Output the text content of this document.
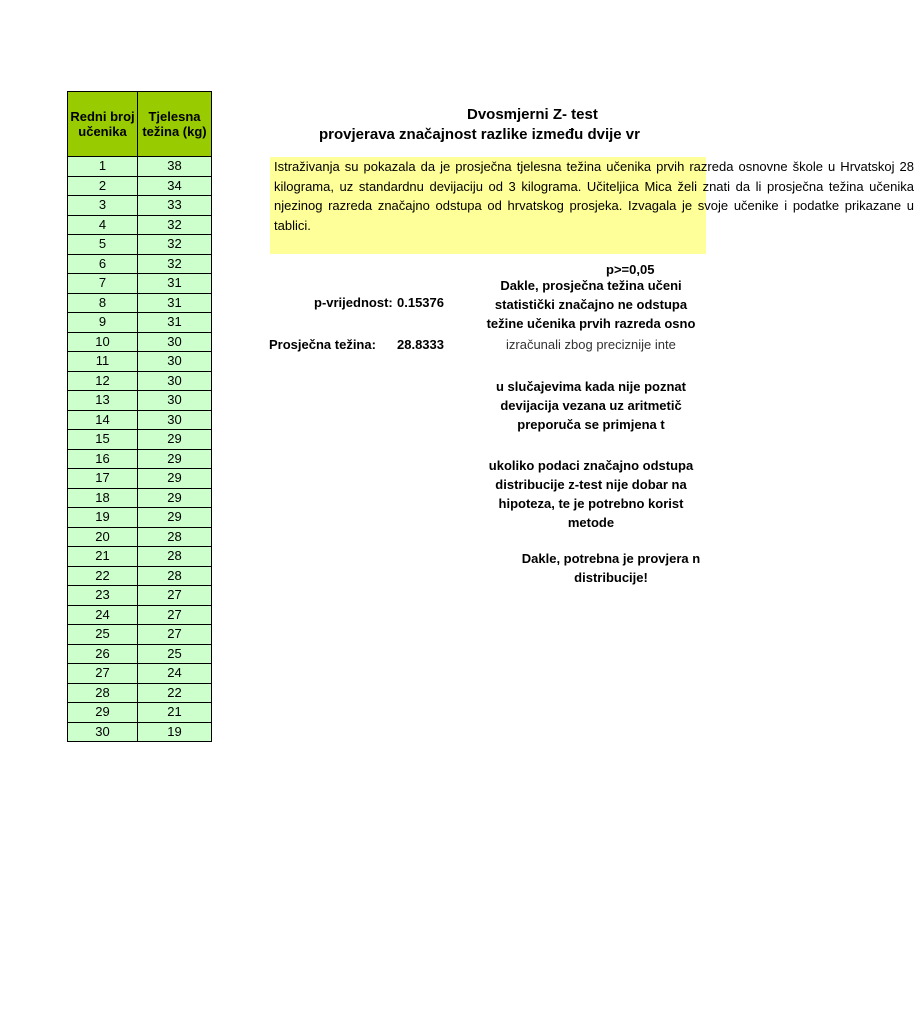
Redni broj učenika	Tjelesna težina (kg)
1	38
2	34
3	33
4	32
5	32
6	32
7	31
8	31
9	31
10	30
11	30
12	30
13	30
14	30
15	29
16	29
17	29
18	29
19	29
20	28
21	28
22	28
23	27
24	27
25	27
26	25
27	24
28	22
29	21
30	19
Dvosmjerni Z- test
provjerava značajnost razlike između dvije vr

Istraživanja su pokazala da je prosječna tjelesna težina učenika prvih razreda osnovne škole u Hrvatskoj 28 kilograma, uz standardnu devijaciju od 3 kilograma. Učiteljica Mica želi znati da li prosječna težina učenika njezinog razreda značajno odstupa od hrvatskog prosjeka. Izvagala je svoje učenike i podatke prikazane u tablici.

p>=0,05
p-vrijednost: 0.15376
Dakle, prosječna težina učeni
statistički značajno ne odstupa
težine učenika prvih razreda osno
Prosječna težina: 28.8333	izračunali zbog preciznije inte
u slučajevima kada nije poznat
devijacija vezana uz aritmetič
preporuča se primjena t
ukoliko podaci značajno odstupa
distribucije z-test nije dobar na
hipoteza, te je potrebno korist
metode
Dakle, potrebna je provjera n
distribucije!
